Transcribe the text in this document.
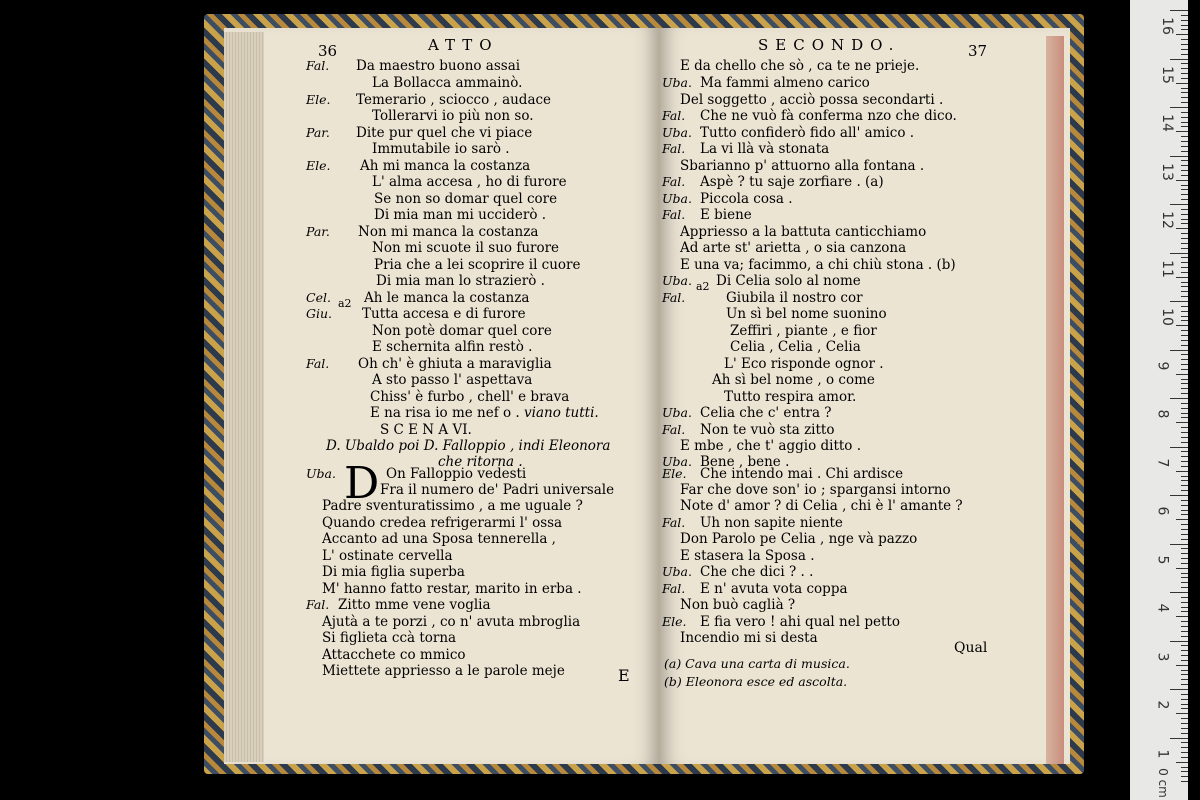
36	ATTO	SECONDO.	37
D
a2
a2
Fal. Da maestro buono assai
La Bollacca ammainò.
Ele. Temerario , sciocco , audace
Tollerarvi io più non so.
Par. Dite pur quel che vi piace
Immutabile io sarò .
Ele. Ah mi manca la costanza
L' alma accesa , ho di furore
Se non so domar quel core
Di mia man mi ucciderò .
Par. Non mi manca la costanza
Non mi scuote il suo furore
Pria che a lei scoprire il cuore
Di mia man lo strazierò .
Cel. Ah le manca la costanza
Giu. Tutta accesa e di furore
Non potè domar quel core
E schernita alfin restò .
Fal. Oh ch' è ghiuta a maraviglia
A sto passo l' aspettava
Chiss' è furbo , chell' e brava
E na risa io me nef o . viano tutti.
S C E N A VI.
D. Ubaldo poi D. Falloppio , indi Eleonora
che ritorna .
Uba.	On Falloppio vedesti
Fra il numero de' Padri universale
Padre sventuratissimo , a me uguale ?
Quando credea refrigerarmi l' ossa
Accanto ad una Sposa tennerella ,
L' ostinate cervella
Di mia figlia superba
M' hanno fatto restar, marito in erba .
Fal. Zitto mme vene voglia
Ajutà a te porzi , co n' avuta mbroglia
Si figlieta ccà torna
Attacchete co mmico
Miettete appriesso a le parole meje
E da chello che sò , ca te ne prieje.
Uba. Ma fammi almeno carico
Del soggetto , acciò possa secondarti .
Fal. Che ne vuò fà conferma nzo che dico.
Uba. Tutto confiderò fido all' amico .
Fal. La vi llà và stonata
Sbarianno p' attuorno alla fontana .
Fal. Aspè ? tu saje zorfiare . (a)
Uba. Piccola cosa .
Fal. E biene
Appriesso a la battuta canticchiamo
Ad arte st' arietta , o sia canzona
E una va; facimmo, a chi chiù stona . (b)
Uba. Di Celia solo al nome
Fal.	Giubila il nostro cor
Un sì bel nome suonino
Zeffiri , piante , e fior
Celia , Celia , Celia
L' Eco risponde ognor .
Ah sì bel nome , o come
Tutto respira amor.
Uba. Celia che c' entra ?
Fal. Non te vuò sta zitto
E mbe , che t' aggio ditto .
Uba. Bene , bene .
Ele. Che intendo mai . Chi ardisce
Far che dove son' io ; spargansi intorno
Note d' amor ? di Celia , chi è l' amante ?
Fal. Uh non sapite niente
Don Parolo pe Celia , nge và pazzo
E stasera la Sposa .
Uba. Che che dici ? . .
Fal. E n' avuta vota coppa
Non buò caglià ?
Ele. E fia vero ! ahi qual nel petto
Incendio mi si desta
(a) Cava una carta di musica.
(b) Eleonora esce ed ascolta.
E
Qual
16
15
14
13
12
11
10
9
8
7
6
5
4
3
2
1
0 cm
